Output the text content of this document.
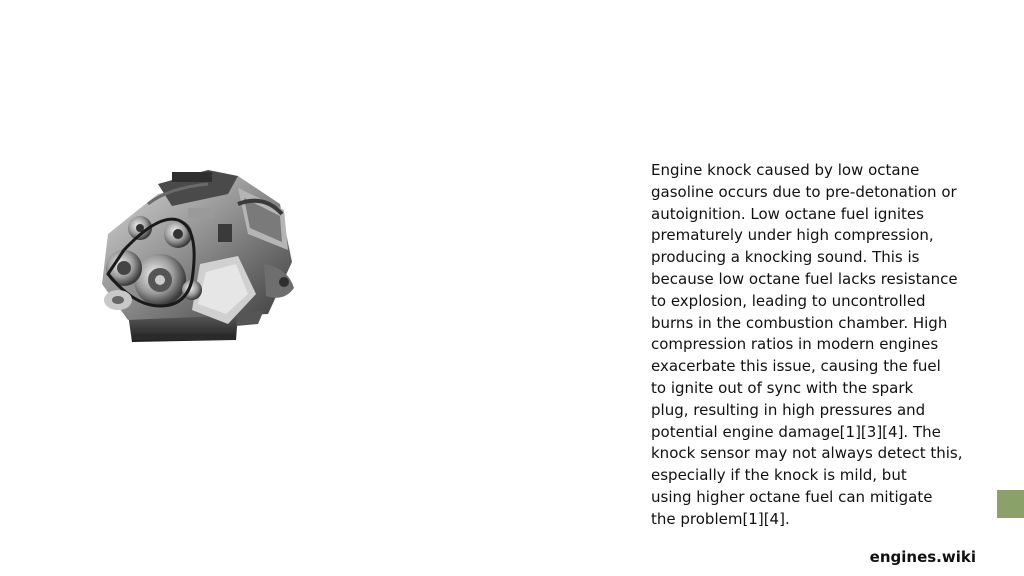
Engine knock caused by low octane
gasoline occurs due to pre-detonation or
autoignition. Low octane fuel ignites
prematurely under high compression,
producing a knocking sound. This is
because low octane fuel lacks resistance
to explosion, leading to uncontrolled
burns in the combustion chamber. High
compression ratios in modern engines
exacerbate this issue, causing the fuel
to ignite out of sync with the spark
plug, resulting in high pressures and
potential engine damage[1][3][4]. The
knock sensor may not always detect this,
especially if the knock is mild, but
using higher octane fuel can mitigate
the problem[1][4].
engines.wiki
